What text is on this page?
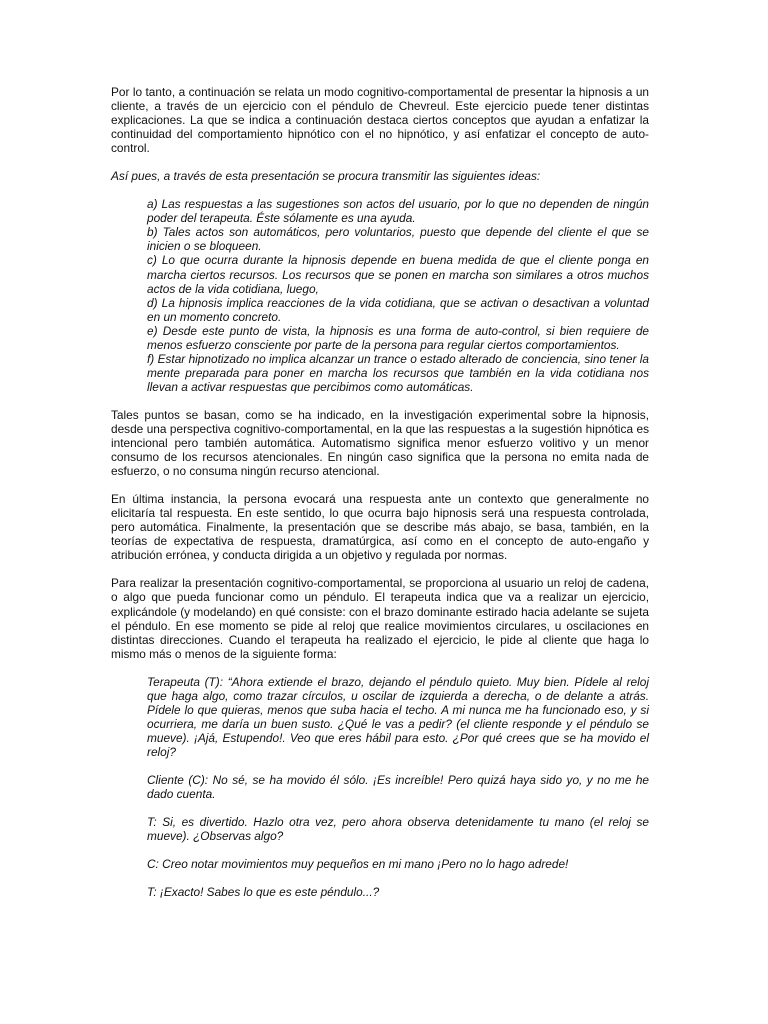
Por lo tanto, a continuación se relata un modo cognitivo-comportamental de presentar la hipnosis a un cliente, a través de un ejercicio con el péndulo de Chevreul. Este ejercicio puede tener distintas explicaciones. La que se indica a continuación destaca ciertos conceptos que ayudan a enfatizar la continuidad del comportamiento hipnótico con el no hipnótico, y así enfatizar el concepto de auto-control.

Así pues, a través de esta presentación se procura transmitir las siguientes ideas:

a) Las respuestas a las sugestiones son actos del usuario, por lo que no dependen de ningún poder del terapeuta. Éste sólamente es una ayuda.

b) Tales actos son automáticos, pero voluntarios, puesto que depende del cliente el que se inicien o se bloqueen.

c) Lo que ocurra durante la hipnosis depende en buena medida de que el cliente ponga en marcha ciertos recursos. Los recursos que se ponen en marcha son similares a otros muchos actos de la vida cotidiana, luego,

d) La hipnosis implica reacciones de la vida cotidiana, que se activan o desactivan a voluntad en un momento concreto.

e) Desde este punto de vista, la hipnosis es una forma de auto-control, si bien requiere de menos esfuerzo consciente por parte de la persona para regular ciertos comportamientos.

f) Estar hipnotizado no implica alcanzar un trance o estado alterado de conciencia, sino tener la mente preparada para poner en marcha los recursos que también en la vida cotidiana nos llevan a activar respuestas que percibimos como automáticas.

Tales puntos se basan, como se ha indicado, en la investigación experimental sobre la hipnosis, desde una perspectiva cognitivo-comportamental, en la que las respuestas a la sugestión hipnótica es intencional pero también automática. Automatismo significa menor esfuerzo volitivo y un menor consumo de los recursos atencionales. En ningún caso significa que la persona no emita nada de esfuerzo, o no consuma ningún recurso atencional.

En última instancia, la persona evocará una respuesta ante un contexto que generalmente no elicitaría tal respuesta. En este sentido, lo que ocurra bajo hipnosis será una respuesta controlada, pero automática. Finalmente, la presentación que se describe más abajo, se basa, también, en la teorías de expectativa de respuesta, dramatúrgica, así como en el concepto de auto-engaño y atribución errónea, y conducta dirigida a un objetivo y regulada por normas.

Para realizar la presentación cognitivo-comportamental, se proporciona al usuario un reloj de cadena, o algo que pueda funcionar como un péndulo. El terapeuta indica que va a realizar un ejercicio, explicándole (y modelando) en qué consiste: con el brazo dominante estirado hacia adelante se sujeta el péndulo. En ese momento se pide al reloj que realice movimientos circulares, u oscilaciones en distintas direcciones. Cuando el terapeuta ha realizado el ejercicio, le pide al cliente que haga lo mismo más o menos de la siguiente forma:

Terapeuta (T): “Ahora extiende el brazo, dejando el péndulo quieto. Muy bien. Pídele al reloj que haga algo, como trazar círculos, u oscilar de izquierda a derecha, o de delante a atrás. Pídele lo que quieras, menos que suba hacia el techo. A mi nunca me ha funcionado eso, y si ocurriera, me daría un buen susto. ¿Qué le vas a pedir? (el cliente responde y el péndulo se mueve). ¡Ajá, Estupendo!. Veo que eres hábil para esto. ¿Por qué crees que se ha movido el reloj?

Cliente (C): No sé, se ha movido él sólo. ¡Es increíble! Pero quizá haya sido yo, y no me he dado cuenta.

T: Si, es divertido. Hazlo otra vez, pero ahora observa detenidamente tu mano (el reloj se mueve). ¿Observas algo?

C: Creo notar movimientos muy pequeños en mi mano ¡Pero no lo hago adrede!

T: ¡Exacto! Sabes lo que es este péndulo...?
